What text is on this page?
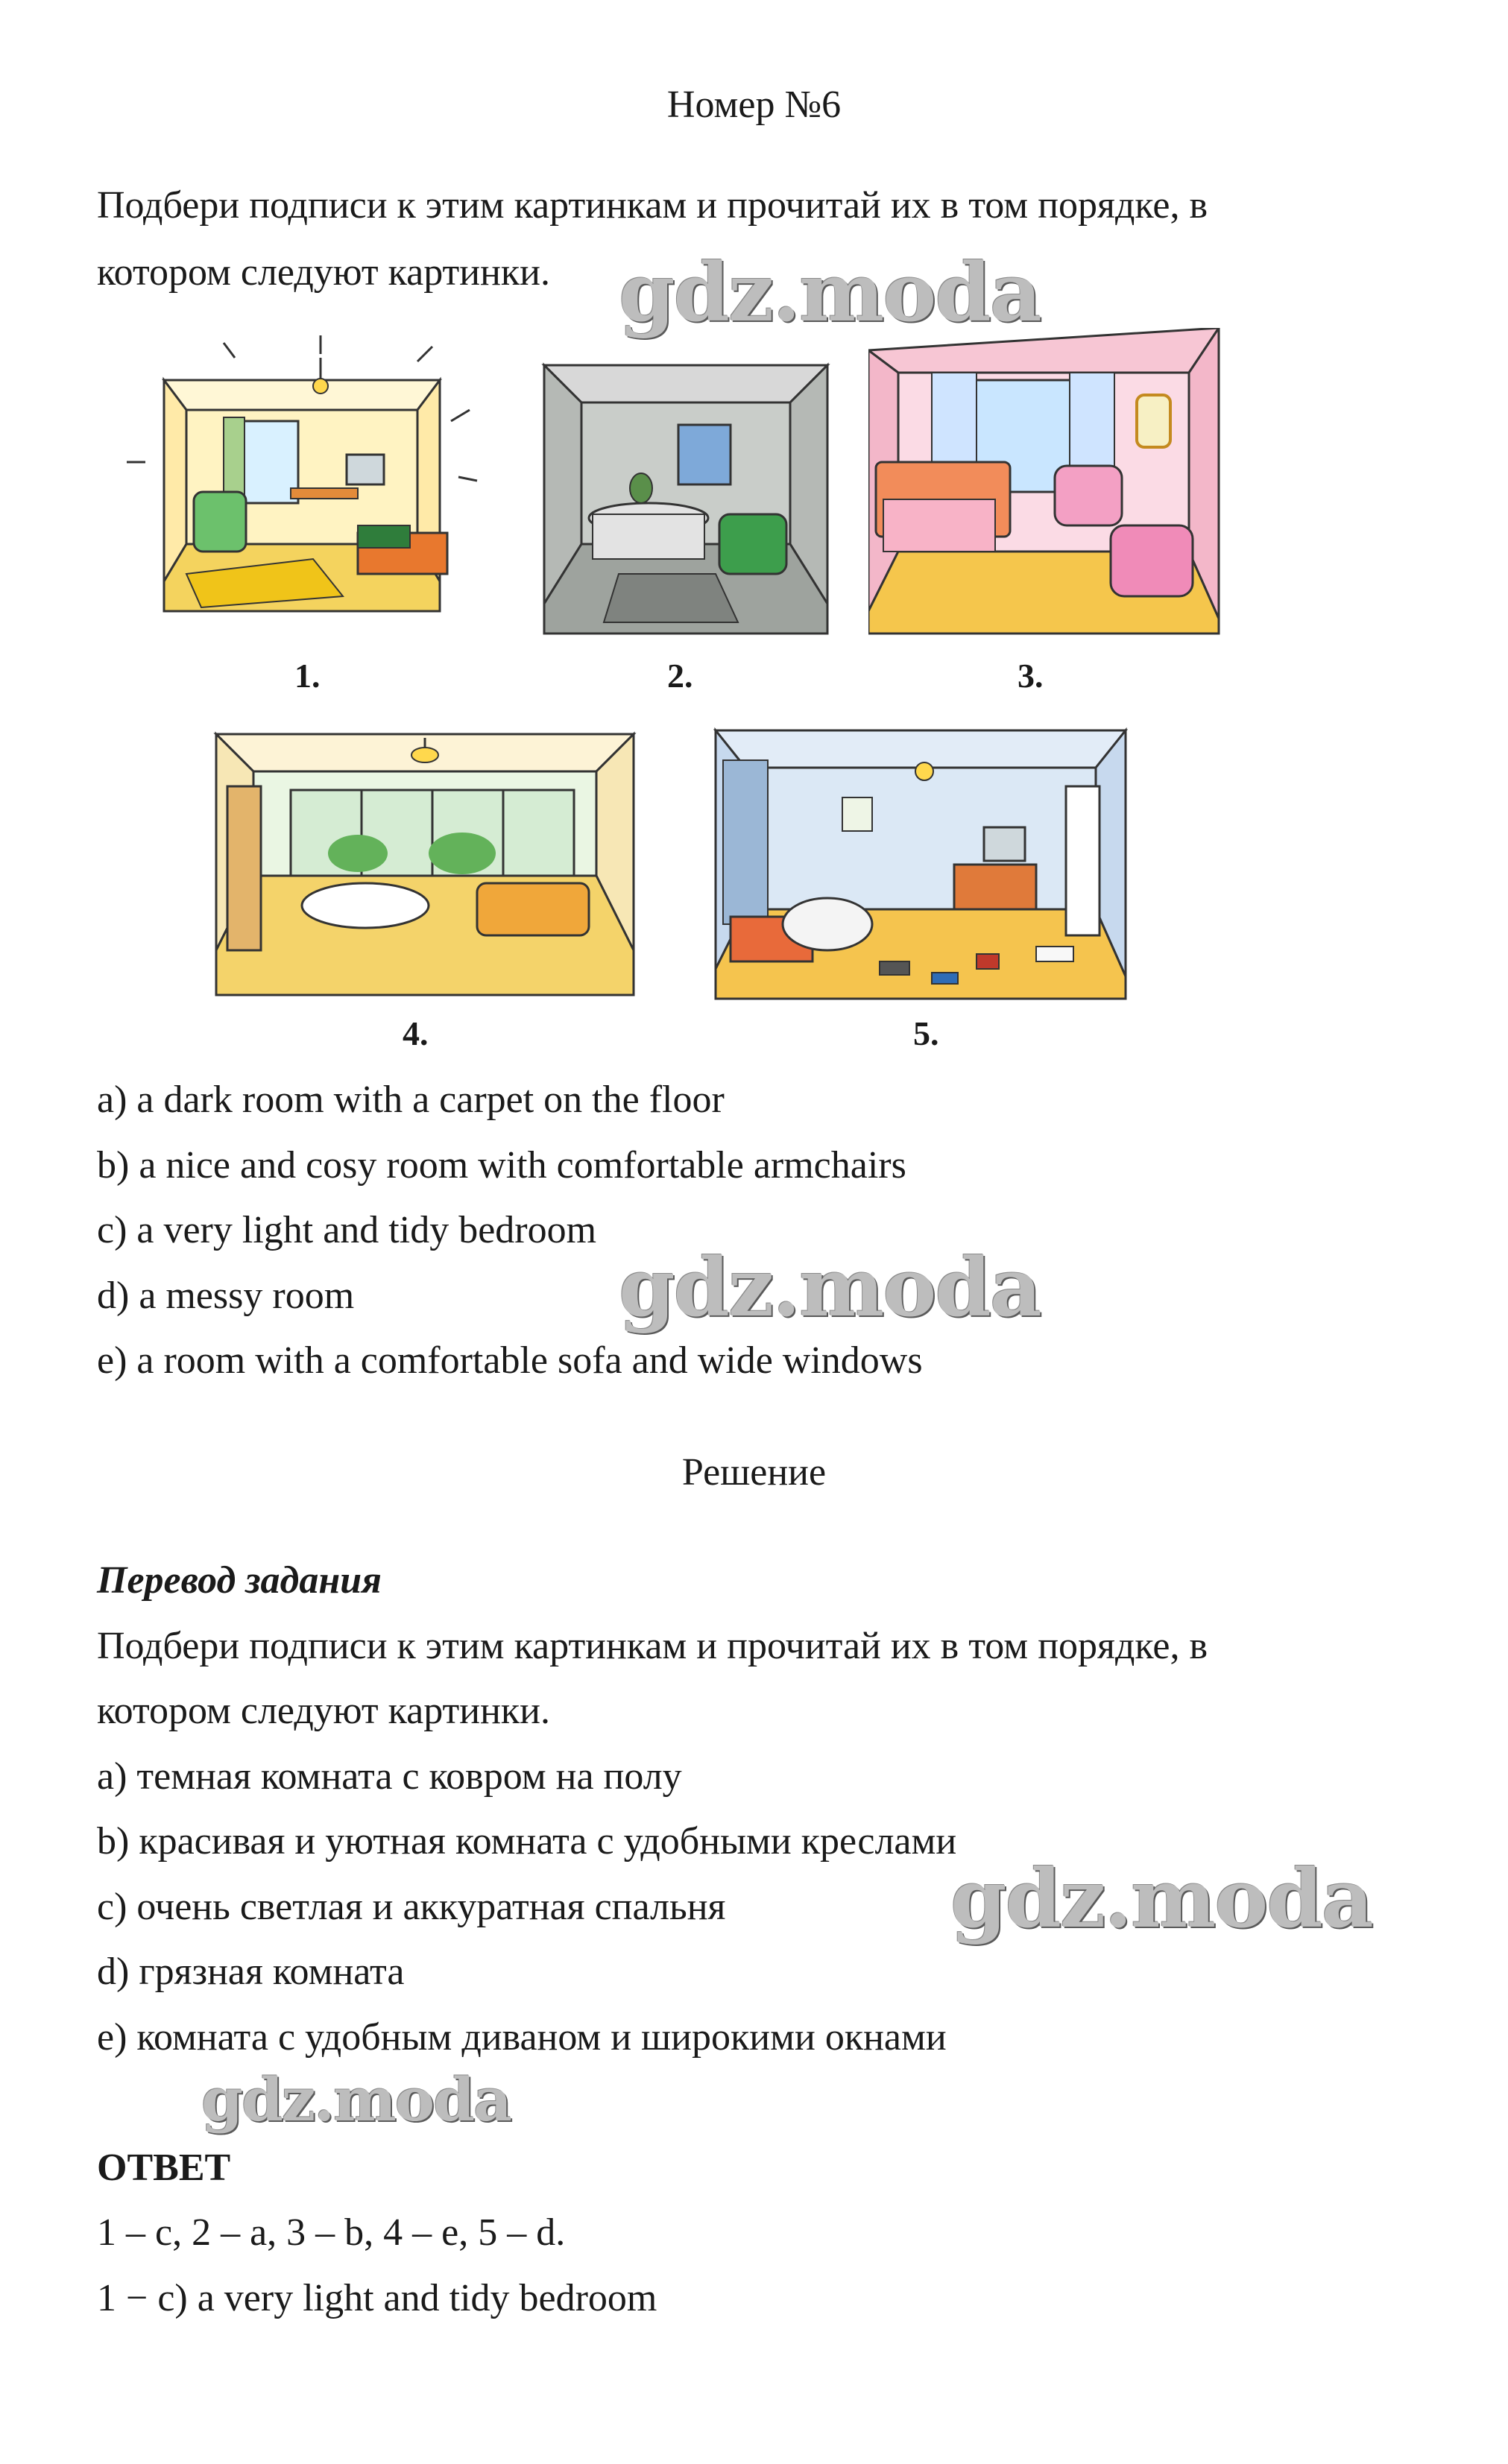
Номер №6
Подбери подписи к этим картинкам и прочитай их в том порядке, в
котором следуют картинки. gdz.moda
gdz.moda
gdz.moda
gdz.moda
1.	2.	3.
4.	5.
a) a dark room with a carpet on the floor
b) a nice and cosy room with comfortable armchairs
c) a very light and tidy bedroom
d) a messy room
e) a room with a comfortable sofa and wide windows
Решение
Перевод задания
Подбери подписи к этим картинкам и прочитай их в том порядке, в
котором следуют картинки.
a) темная комната с ковром на полу
b) красивая и уютная комната с удобными креслами
c) очень светлая и аккуратная спальня
d) грязная комната
e) комната с удобным диваном и широкими окнами
ОТВЕТ
1 – c, 2 – a, 3 – b, 4 – e, 5 – d.
1 − c) a very light and tidy bedroom
